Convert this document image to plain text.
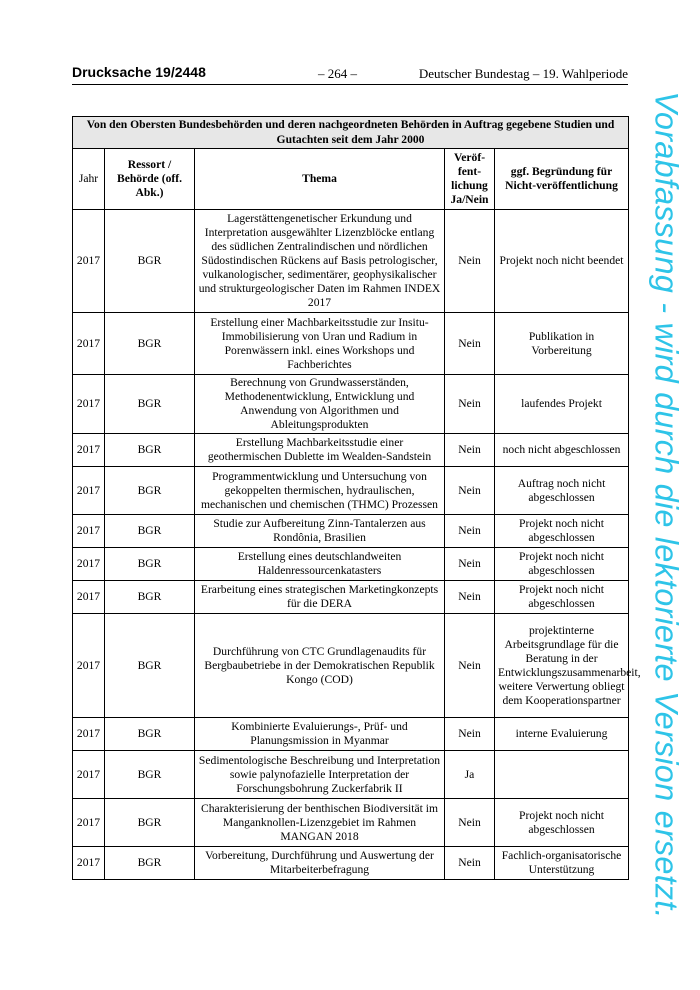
Drucksache 19/2448	– 264 –	Deutscher Bundestag – 19. Wahlperiode
Von den Obersten Bundesbehörden und deren nachgeordneten Behörden in Auftrag gegebene Studien und Gutachten seit dem Jahr 2000				
Jahr	Ressort / Behörde (off. Abk.)	Thema	Veröf-fent-lichung Ja/Nein	ggf. Begründung für Nicht-veröffentlichung
2017	BGR	Lagerstättengenetischer Erkundung und Interpretation ausgewählter Lizenzblöcke entlang des südlichen Zentralindischen und nördlichen Südostindischen Rückens auf Basis petrologischer, vulkanologischer, sedimentärer, geophysikalischer und strukturgeologischer Daten im Rahmen INDEX 2017	Nein	Projekt noch nicht beendet
2017	BGR	Erstellung einer Machbarkeitsstudie zur Insitu-Immobilisierung von Uran und Radium in Porenwässern inkl. eines Workshops und Fachberichtes	Nein	Publikation in Vorbereitung
2017	BGR	Berechnung von Grundwasserständen, Methodenentwicklung, Entwicklung und Anwendung von Algorithmen und Ableitungsprodukten	Nein	laufendes Projekt
2017	BGR	Erstellung Machbarkeitsstudie einer geothermischen Dublette im Wealden-Sandstein	Nein	noch nicht abgeschlossen
2017	BGR	Programmentwicklung und Untersuchung von gekoppelten thermischen, hydraulischen, mechanischen und chemischen (THMC) Prozessen	Nein	Auftrag noch nicht abgeschlossen
2017	BGR	Studie zur Aufbereitung Zinn-Tantalerzen aus Rondônia, Brasilien	Nein	Projekt noch nicht abgeschlossen
2017	BGR	Erstellung eines deutschlandweiten Haldenressourcenkatasters	Nein	Projekt noch nicht abgeschlossen
2017	BGR	Erarbeitung eines strategischen Marketingkonzepts für die DERA	Nein	Projekt noch nicht abgeschlossen
2017	BGR	Durchführung von CTC Grundlagenaudits für Bergbaubetriebe in der Demokratischen Republik Kongo (COD)	Nein	projektinterne Arbeitsgrundlage für die Beratung in der Entwicklungszusammenarbeit, weitere Verwertung obliegt dem Kooperationspartner
2017	BGR	Kombinierte Evaluierungs-, Prüf- und Planungsmission in Myanmar	Nein	interne Evaluierung
2017	BGR	Sedimentologische Beschreibung und Interpretation sowie palynofazielle Interpretation der Forschungsbohrung Zuckerfabrik II	Ja	
2017	BGR	Charakterisierung der benthischen Biodiversität im Manganknollen-Lizenzgebiet im Rahmen MANGAN 2018	Nein	Projekt noch nicht abgeschlossen
2017	BGR	Vorbereitung, Durchführung und Auswertung der Mitarbeiterbefragung	Nein	Fachlich-organisatorische Unterstützung Vorabfassung - wird durch die lektorierte Version ersetzt.
